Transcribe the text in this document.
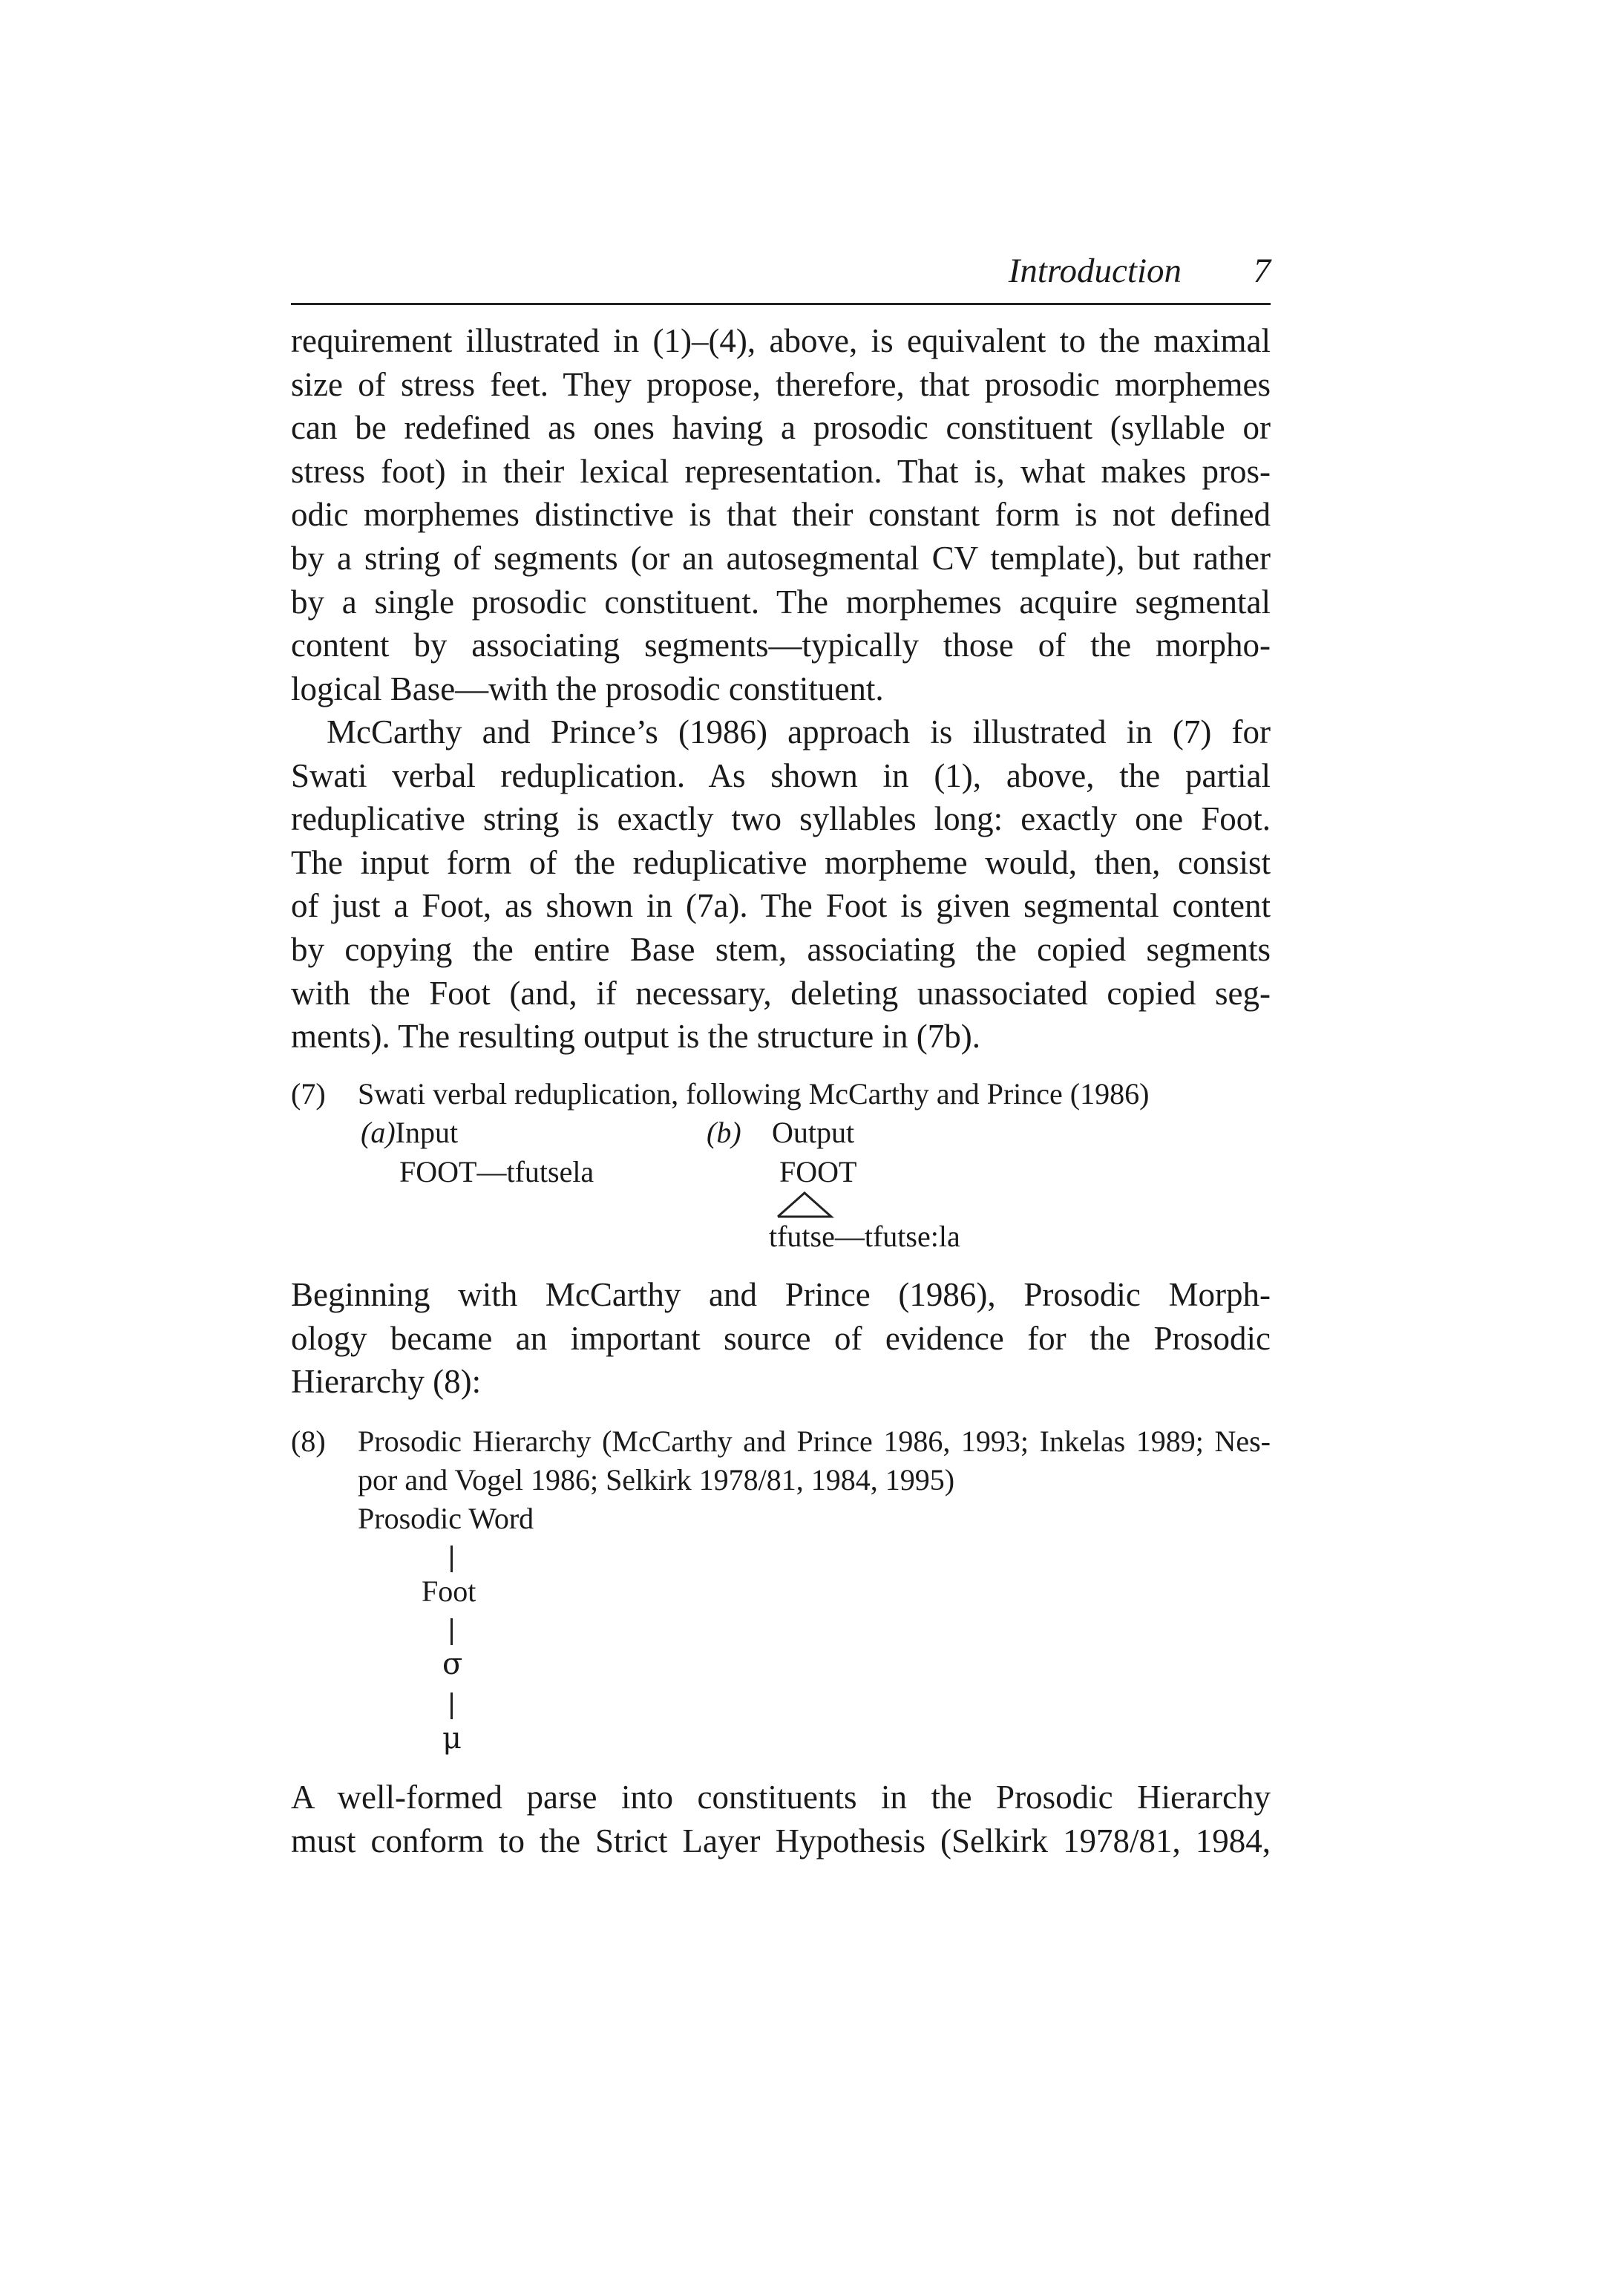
Introduction 7
requirement illustrated in (1)–(4), above, is equivalent to the maximal
size of stress feet. They propose, therefore, that prosodic morphemes
can be redefined as ones having a prosodic constituent (syllable or
stress foot) in their lexical representation. That is, what makes pros-
odic morphemes distinctive is that their constant form is not defined
by a string of segments (or an autosegmental CV template), but rather
by a single prosodic constituent. The morphemes acquire segmental
content by associating segments—typically those of the morpho-
logical Base—with the prosodic constituent.
McCarthy and Prince’s (1986) approach is illustrated in (7) for
Swati verbal reduplication. As shown in (1), above, the partial
reduplicative string is exactly two syllables long: exactly one Foot.
The input form of the reduplicative morpheme would, then, consist
of just a Foot, as shown in (7a). The Foot is given segmental content
by copying the entire Base stem, associating the copied segments
with the Foot (and, if necessary, deleting unassociated copied seg-
ments). The resulting output is the structure in (7b).
(7) Swati verbal reduplication, following McCarthy and Prince (1986)
(a)Input
FOOT—tfutsela
(b) Output
FOOT
tfutse—tfutse:la
Beginning with McCarthy and Prince (1986), Prosodic Morph-
ology became an important source of evidence for the Prosodic
Hierarchy (8):
(8) Prosodic Hierarchy (McCarthy and Prince 1986, 1993; Inkelas 1989; Nes-
por and Vogel 1986; Selkirk 1978/81, 1984, 1995)
Prosodic Word
Foot
σ
μ
A well-formed parse into constituents in the Prosodic Hierarchy
must conform to the Strict Layer Hypothesis (Selkirk 1978/81, 1984,
